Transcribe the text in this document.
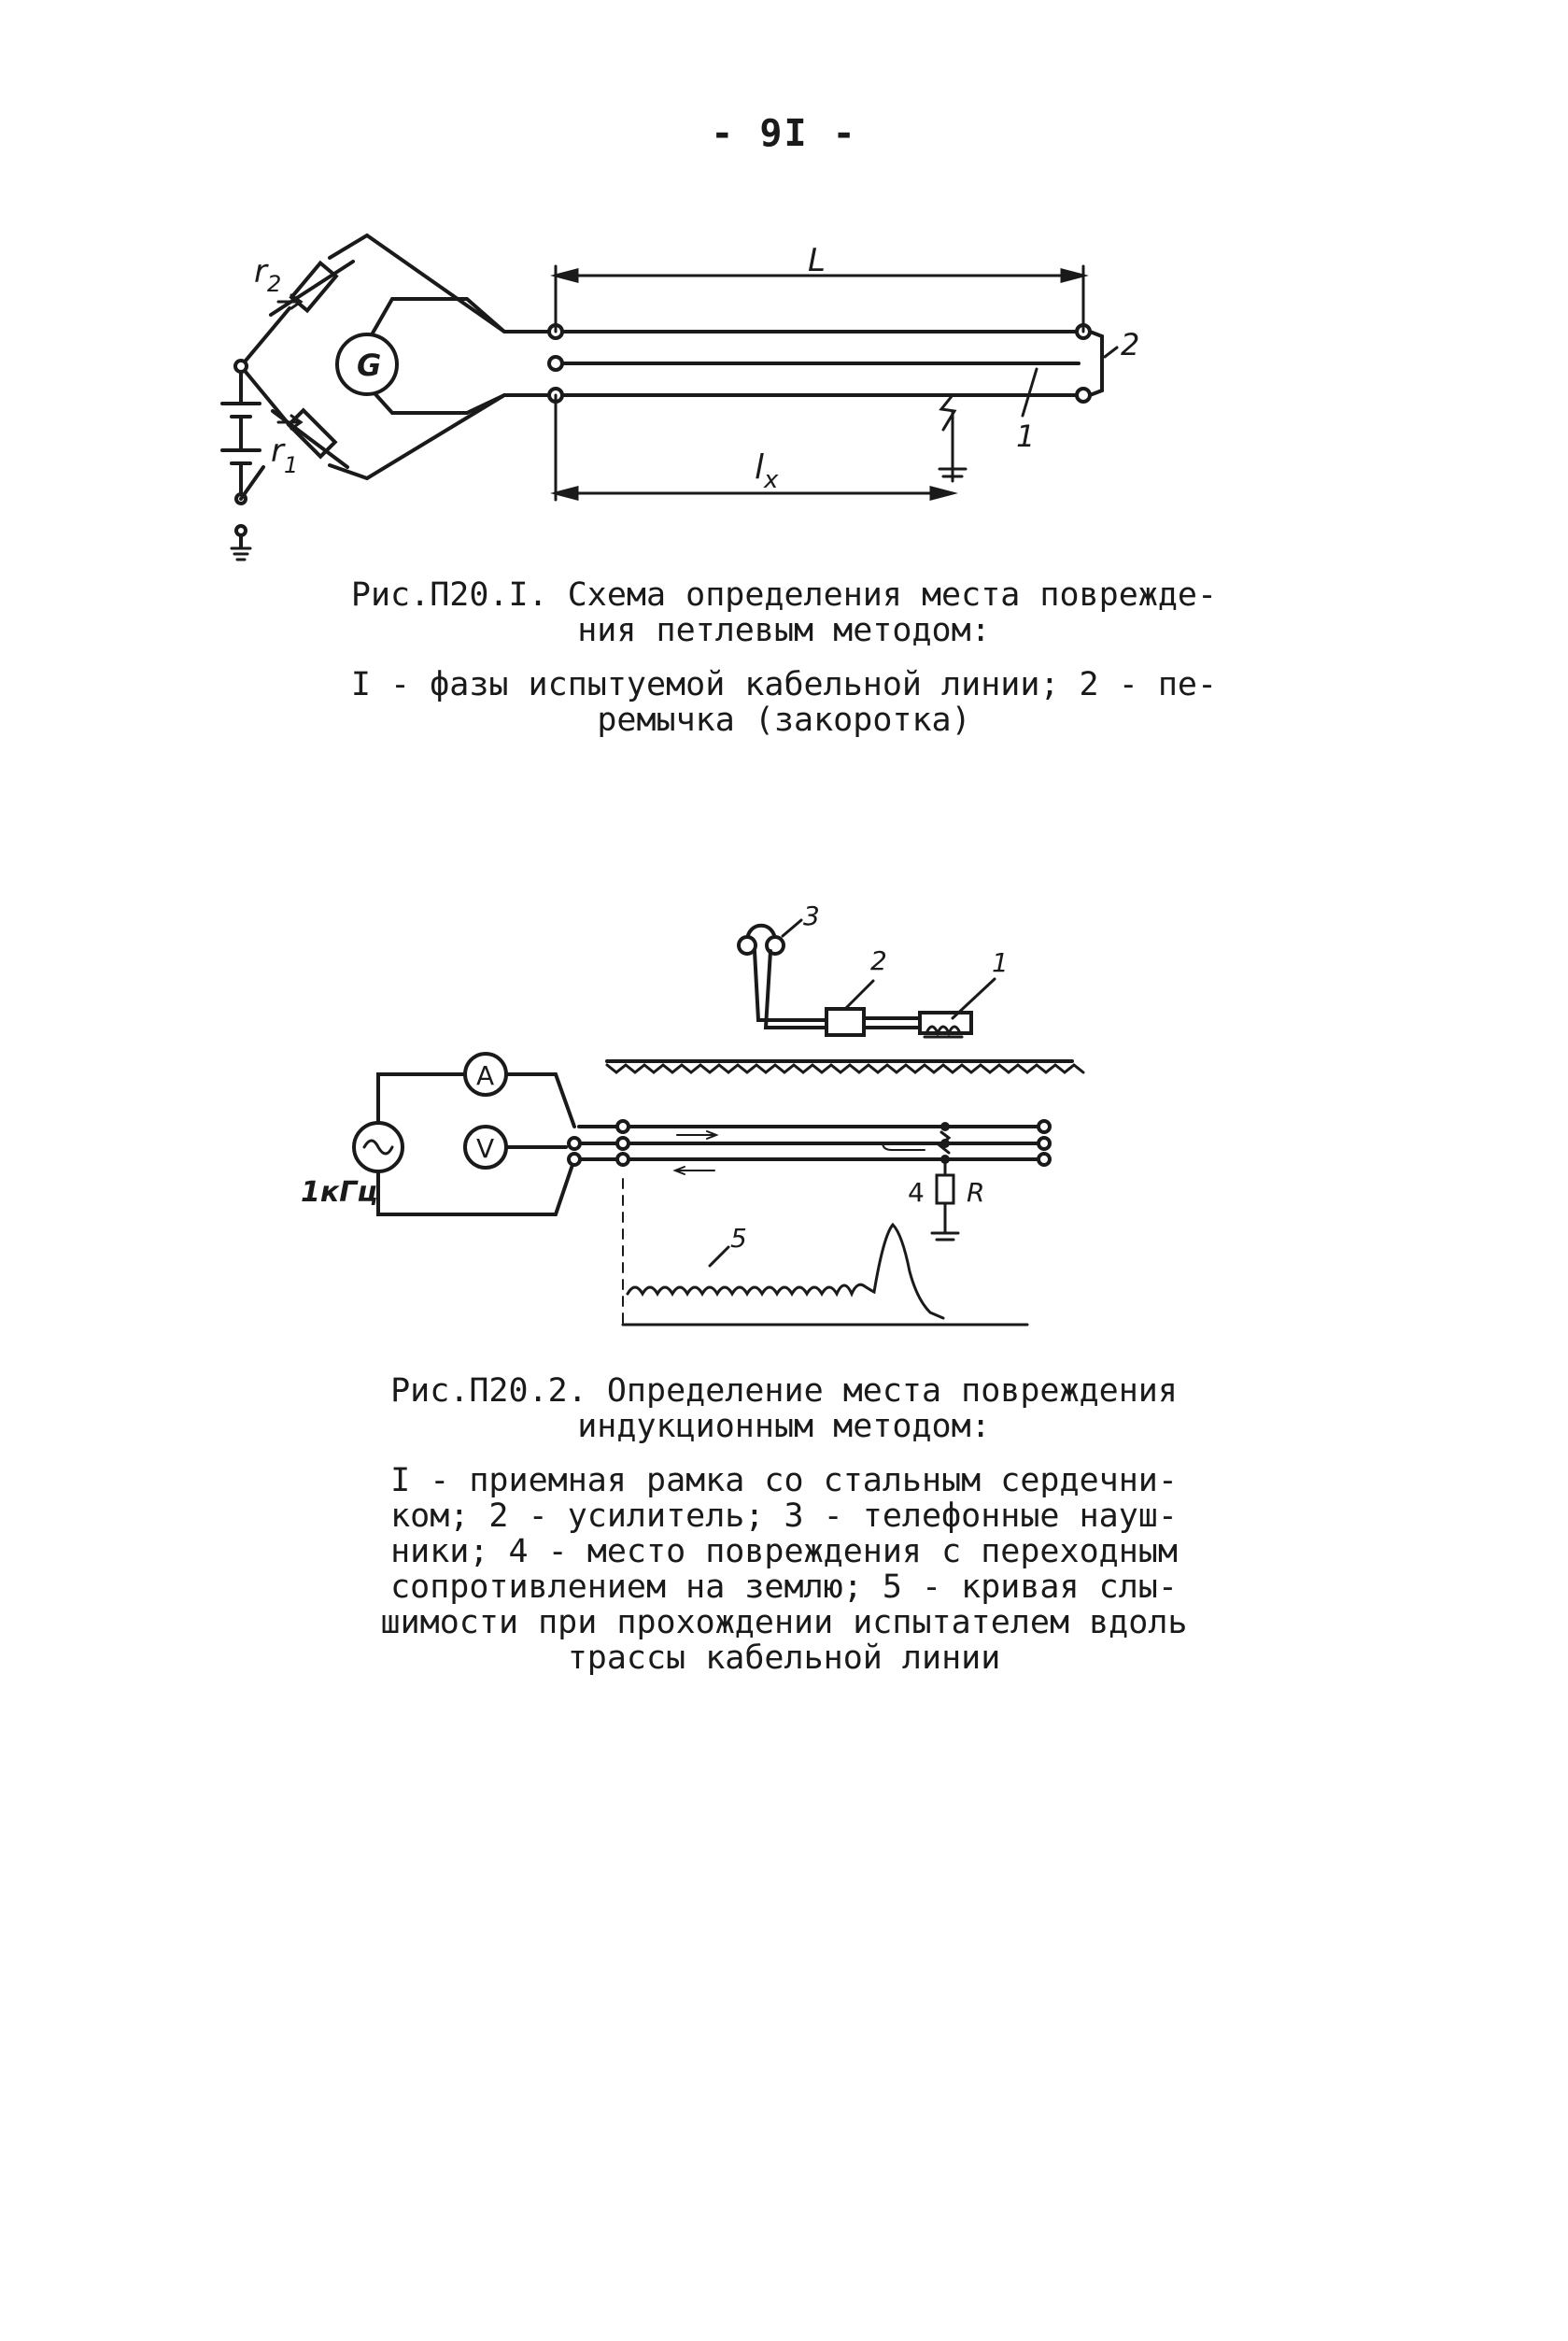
- 9I -
L
$l_x$
$r_2$
$r_1$
G
1
2

Рис.П20.I. Схема определения места поврежде-

ния петлевым методом:

I - фазы испытуемой кабельной линии; 2 - пе-

ремычка (закоротка)

A
V
1кГц
1
2
3
4 R
5

Рис.П20.2. Определение места повреждения

индукционным методом:

I - приемная рамка со стальным сердечни-

ком; 2 - усилитель; 3 - телефонные науш-

ники; 4 - место повреждения с переходным

сопротивлением на землю; 5 - кривая слы-

шимости при прохождении испытателем вдоль

трассы кабельной линии
